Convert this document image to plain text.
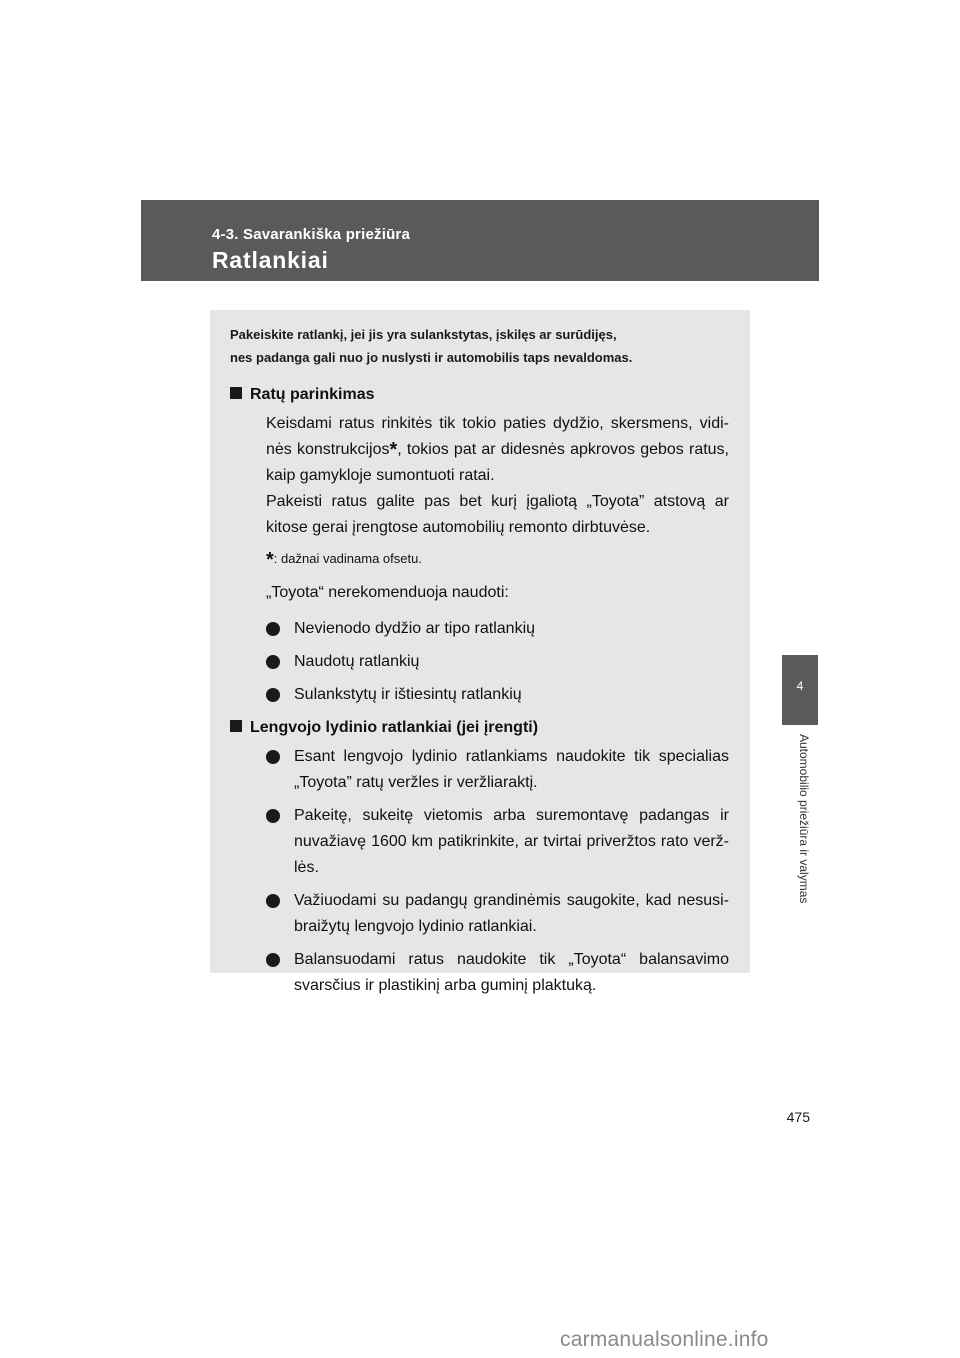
4-3. Savarankiška priežiūra
Ratlankiai
4
Automobilio priežiūra ir valymas
Pakeiskite ratlankį, jei jis yra sulankstytas, įskilęs ar surūdijęs,
nes padanga gali nuo jo nuslysti ir automobilis taps nevaldomas.
Ratų parinkimas
Keisdami ratus rinkitės tik tokio paties dydžio, skersmens, vidi-
nės konstrukcijos*, tokios pat ar didesnės apkrovos gebos ratus,
kaip gamykloje sumontuoti ratai.
Pakeisti ratus galite pas bet kurį įgaliotą „Toyota” atstovą ar
kitose gerai įrengtose automobilių remonto dirbtuvėse.
*: dažnai vadinama ofsetu.
„Toyota“ nerekomenduoja naudoti:
Nevienodo dydžio ar tipo ratlankių
Naudotų ratlankių
Sulankstytų ir ištiesintų ratlankių
Lengvojo lydinio ratlankiai (jei įrengti)
Esant lengvojo lydinio ratlankiams naudokite tik specialias
„Toyota” ratų veržles ir veržliaraktį.
Pakeitę, sukeitę vietomis arba suremontavę padangas ir
nuvažiavę 1600 km patikrinkite, ar tvirtai priveržtos rato verž-
lės.
Važiuodami su padangų grandinėmis saugokite, kad nesusi-
braižytų lengvojo lydinio ratlankiai.
Balansuodami ratus naudokite tik „Toyota“ balansavimo
svarsčius ir plastikinį arba guminį plaktuką.
475
carmanualsonline.info
